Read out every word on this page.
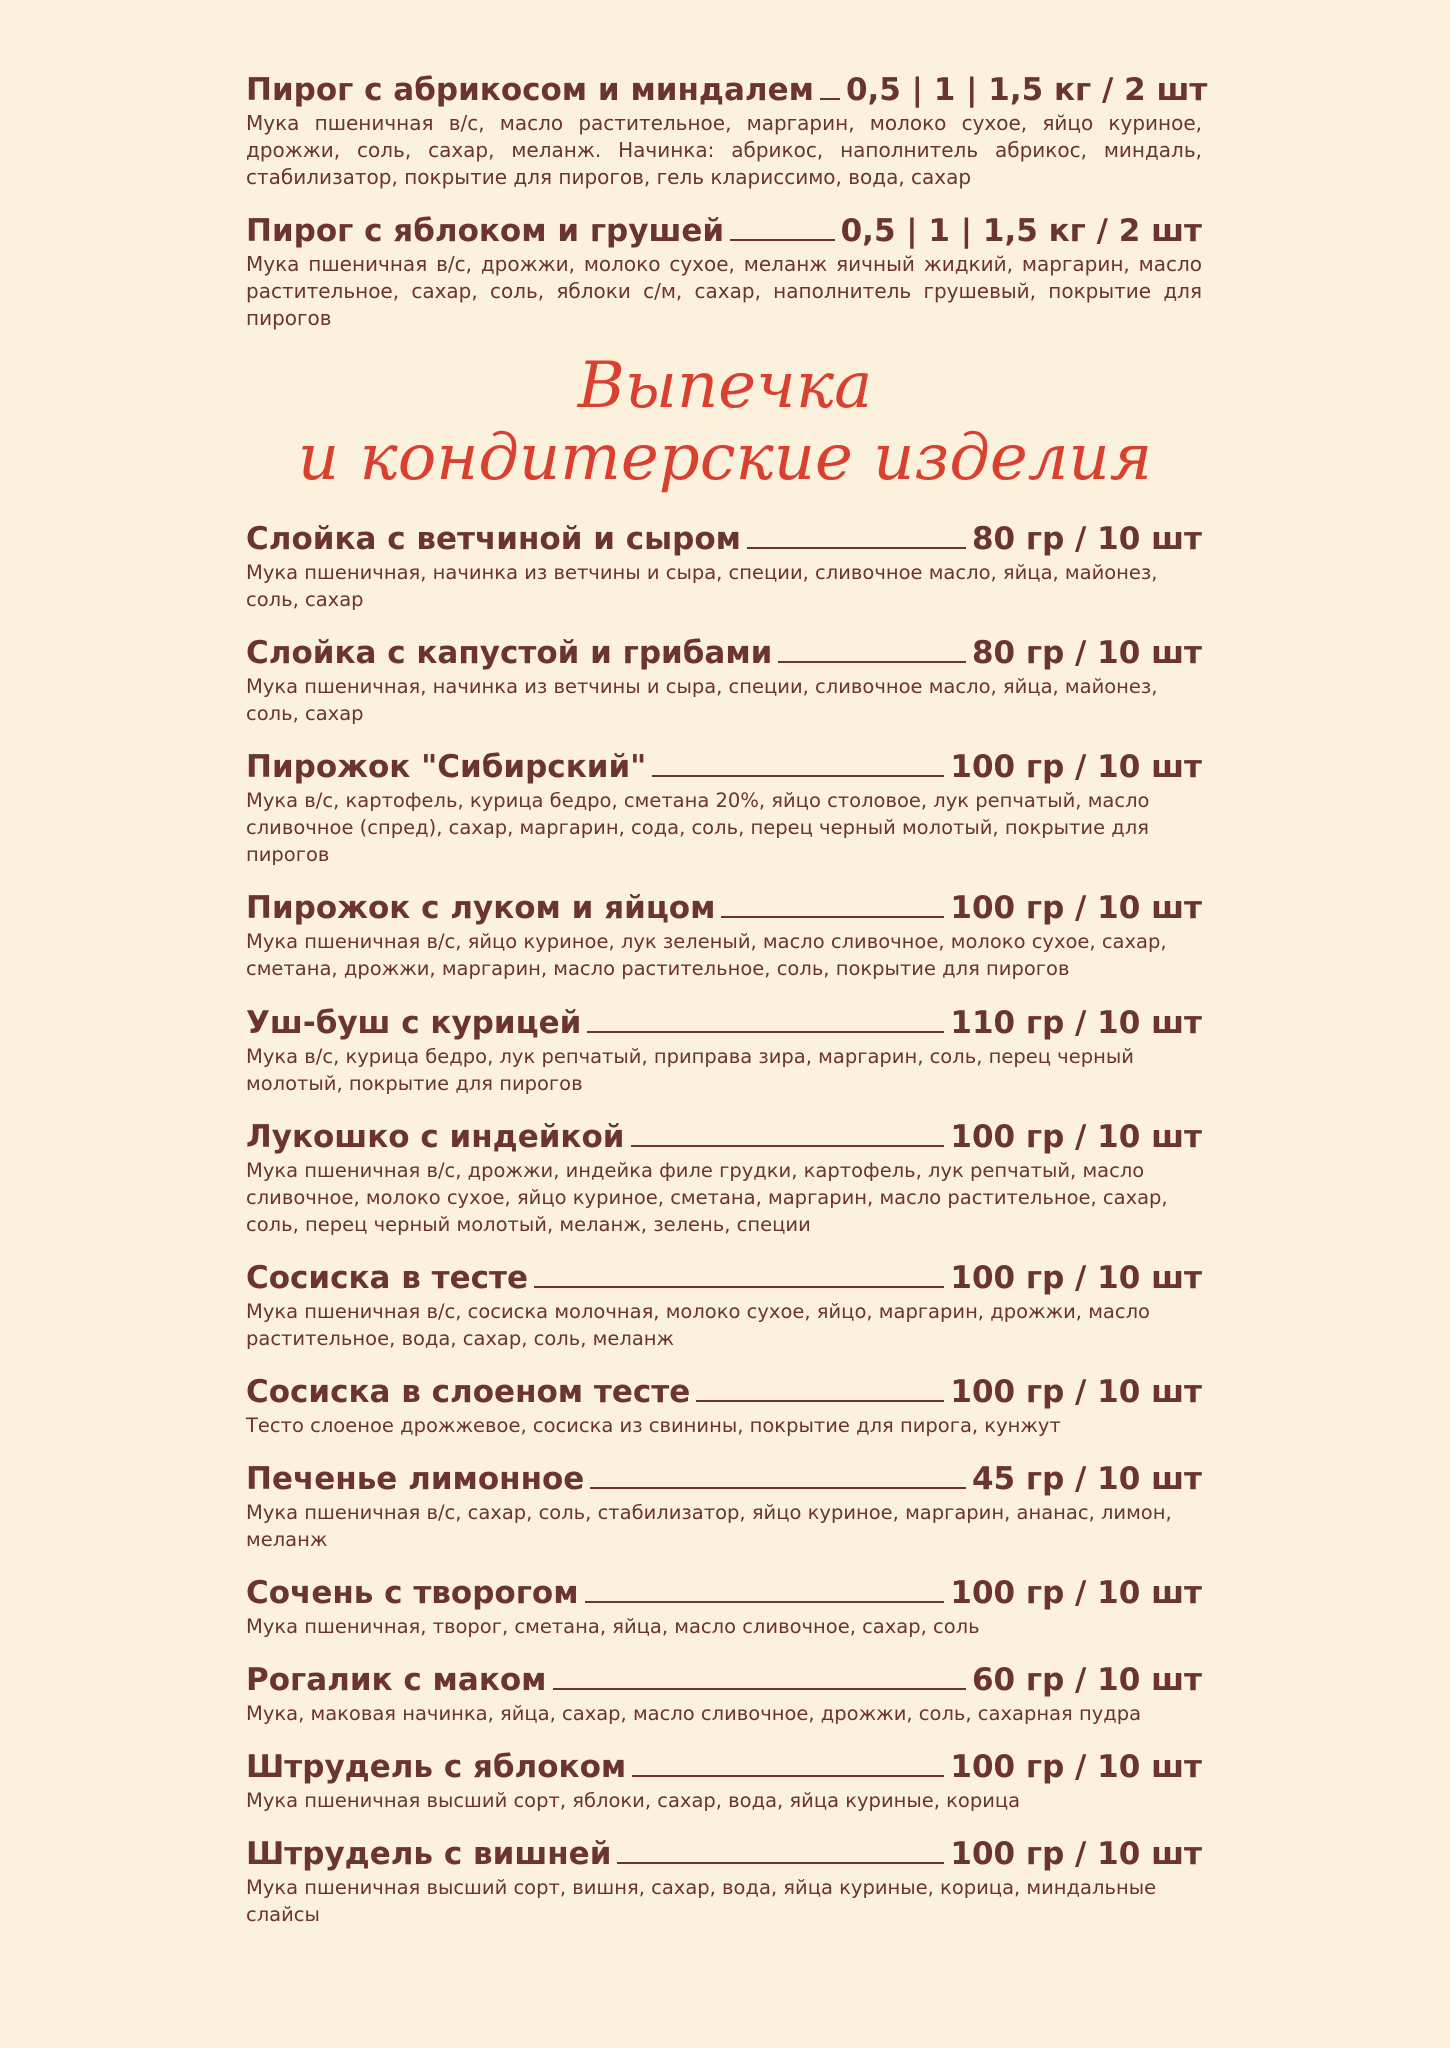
Пирог с абрикосом и миндалем 0,5 | 1 | 1,5 кг / 2 шт
Мука пшеничная в/с, масло растительное, маргарин, молоко сухое, яйцо куриное, дрожжи, соль, сахар, меланж. Начинка: абрикос, наполнитель абрикос, миндаль, стабилизатор, покрытие для пирогов, гель клариссимо, вода, сахар
Пирог с яблоком и грушей	0,5 | 1 | 1,5 кг / 2 шт
Мука пшеничная в/с, дрожжи, молоко сухое, меланж яичный жидкий, маргарин, масло растительное, сахар, соль, яблоки с/м, сахар, наполнитель грушевый, покрытие для пирогов
Выпечка
и кондитерские изделия
Слойка с ветчиной и сыром	80 гр / 10 шт
Мука пшеничная, начинка из ветчины и сыра, специи, сливочное масло, яйца, майонез, соль, сахар
Слойка с капустой и грибами	80 гр / 10 шт
Мука пшеничная, начинка из ветчины и сыра, специи, сливочное масло, яйца, майонез, соль, сахар
Пирожок "Сибирский"	100 гр / 10 шт
Мука в/с, картофель, курица бедро, сметана 20%, яйцо столовое, лук репчатый, масло сливочное (спред), сахар, маргарин, сода, соль, перец черный молотый, покрытие для пирогов
Пирожок с луком и яйцом	100 гр / 10 шт
Мука пшеничная в/с, яйцо куриное, лук зеленый, масло сливочное, молоко сухое, сахар, сметана, дрожжи, маргарин, масло растительное, соль, покрытие для пирогов
Уш-буш с курицей	110 гр / 10 шт
Мука в/с, курица бедро, лук репчатый, приправа зира, маргарин, соль, перец черный молотый, покрытие для пирогов
Лукошко с индейкой	100 гр / 10 шт
Мука пшеничная в/с, дрожжи, индейка филе грудки, картофель, лук репчатый, масло сливочное, молоко сухое, яйцо куриное, сметана, маргарин, масло растительное, сахар, соль, перец черный молотый, меланж, зелень, специи
Сосиска в тесте	100 гр / 10 шт
Мука пшеничная в/с, сосиска молочная, молоко сухое, яйцо, маргарин, дрожжи, масло растительное, вода, сахар, соль, меланж
Сосиска в слоеном тесте	100 гр / 10 шт
Тесто слоеное дрожжевое, сосиска из свинины, покрытие для пирога, кунжут
Печенье лимонное	45 гр / 10 шт
Мука пшеничная в/с, сахар, соль, стабилизатор, яйцо куриное, маргарин, ананас, лимон, меланж
Сочень с творогом	100 гр / 10 шт
Мука пшеничная, творог, сметана, яйца, масло сливочное, сахар, соль
Рогалик с маком	60 гр / 10 шт
Мука, маковая начинка, яйца, сахар, масло сливочное, дрожжи, соль, сахарная пудра
Штрудель с яблоком	100 гр / 10 шт
Мука пшеничная высший сорт, яблоки, сахар, вода, яйца куриные, корица
Штрудель с вишней	100 гр / 10 шт
Мука пшеничная высший сорт, вишня, сахар, вода, яйца куриные, корица, миндальные слайсы
